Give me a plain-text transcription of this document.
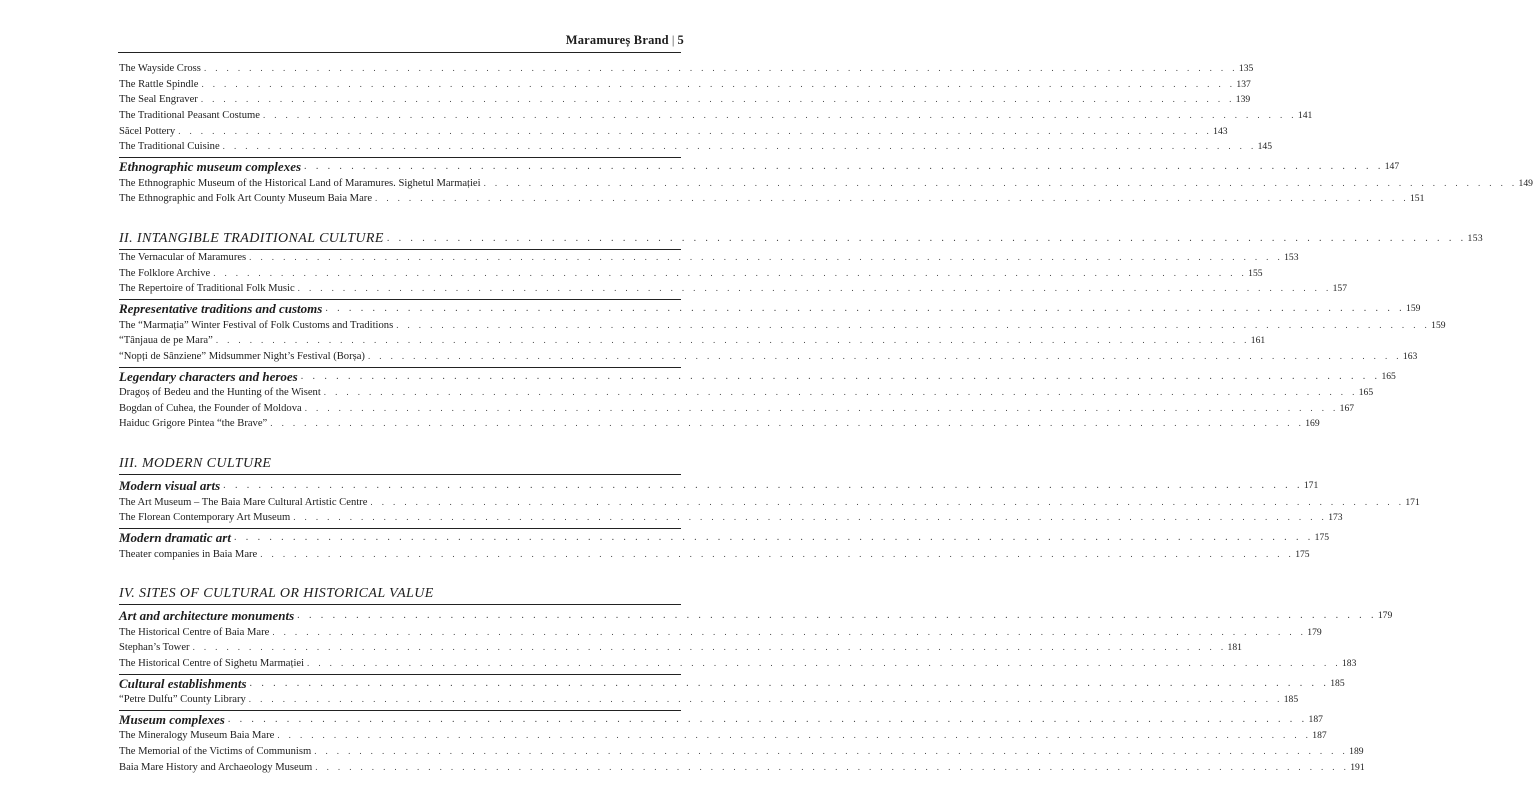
Maramureș Brand | 5
The Wayside Cross . . . . . . . . . . . . . . . . . . . . . . . . . . . . . . . . . . . . . . . . . . . . . . . . . . . . . . . . . . . . . . . . . . . . . . . . . . . . . . . . . . . . . . . . . . . . 135
The Rattle Spindle . . . . . . . . . . . . . . . . . . . . . . . . . . . . . . . . . . . . . . . . . . . . . . . . . . . . . . . . . . . . . . . . . . . . . . . . . . . . . . . . . . . . . . . . . . . . 137
The Seal Engraver . . . . . . . . . . . . . . . . . . . . . . . . . . . . . . . . . . . . . . . . . . . . . . . . . . . . . . . . . . . . . . . . . . . . . . . . . . . . . . . . . . . . . . . . . . . . 139
The Traditional Peasant Costume . . . . . . . . . . . . . . . . . . . . . . . . . . . . . . . . . . . . . . . . . . . . . . . . . . . . . . . . . . . . . . . . . . . . . . . . . . . . . . . . . . . . . . . . . . . . 141
Săcel Pottery . . . . . . . . . . . . . . . . . . . . . . . . . . . . . . . . . . . . . . . . . . . . . . . . . . . . . . . . . . . . . . . . . . . . . . . . . . . . . . . . . . . . . . . . . . . . 143
The Traditional Cuisine . . . . . . . . . . . . . . . . . . . . . . . . . . . . . . . . . . . . . . . . . . . . . . . . . . . . . . . . . . . . . . . . . . . . . . . . . . . . . . . . . . . . . . . . . . . . 145
Ethnographic museum complexes . . . . . . . . . . . . . . . . . . . . . . . . . . . . . . . . . . . . . . . . . . . . . . . . . . . . . . . . . . . . . . . . . . . . . . . . . . . . . . . . . . . . . . . . . . . . 147
The Ethnographic Museum of the Historical Land of Maramures. Sighetul Marmației . . . . . . . . . . . . . . . . . . . . . . . . . . . . . . . . . . . . . . . . . . . . . . . . . . . . . . . . . . . . . . . . . . . . . . . . . . . . . . . . . . . . . . . . . . . . 149
The Ethnographic and Folk Art County Museum Baia Mare . . . . . . . . . . . . . . . . . . . . . . . . . . . . . . . . . . . . . . . . . . . . . . . . . . . . . . . . . . . . . . . . . . . . . . . . . . . . . . . . . . . . . . . . . . . . 151
II. INTANGIBLE TRADITIONAL CULTURE . . . . . . . . . . . . . . . . . . . . . . . . . . . . . . . . . . . . . . . . . . . . . . . . . . . . . . . . . . . . . . . . . . . . . . . . . . . . . . . . . . . . . . . . . . . . 153
The Vernacular of Maramures . . . . . . . . . . . . . . . . . . . . . . . . . . . . . . . . . . . . . . . . . . . . . . . . . . . . . . . . . . . . . . . . . . . . . . . . . . . . . . . . . . . . . . . . . . . . 153
The Folklore Archive . . . . . . . . . . . . . . . . . . . . . . . . . . . . . . . . . . . . . . . . . . . . . . . . . . . . . . . . . . . . . . . . . . . . . . . . . . . . . . . . . . . . . . . . . . . . 155
The Repertoire of Traditional Folk Music . . . . . . . . . . . . . . . . . . . . . . . . . . . . . . . . . . . . . . . . . . . . . . . . . . . . . . . . . . . . . . . . . . . . . . . . . . . . . . . . . . . . . . . . . . . . 157
Representative traditions and customs . . . . . . . . . . . . . . . . . . . . . . . . . . . . . . . . . . . . . . . . . . . . . . . . . . . . . . . . . . . . . . . . . . . . . . . . . . . . . . . . . . . . . . . . . . . . 159
The “Marmația” Winter Festival of Folk Customs and Traditions . . . . . . . . . . . . . . . . . . . . . . . . . . . . . . . . . . . . . . . . . . . . . . . . . . . . . . . . . . . . . . . . . . . . . . . . . . . . . . . . . . . . . . . . . . . . 159
“Tânjaua de pe Mara” . . . . . . . . . . . . . . . . . . . . . . . . . . . . . . . . . . . . . . . . . . . . . . . . . . . . . . . . . . . . . . . . . . . . . . . . . . . . . . . . . . . . . . . . . . . . 161
“Nopți de Sânziene” Midsummer Night’s Festival (Borșa) . . . . . . . . . . . . . . . . . . . . . . . . . . . . . . . . . . . . . . . . . . . . . . . . . . . . . . . . . . . . . . . . . . . . . . . . . . . . . . . . . . . . . . . . . . . . 163
Legendary characters and heroes . . . . . . . . . . . . . . . . . . . . . . . . . . . . . . . . . . . . . . . . . . . . . . . . . . . . . . . . . . . . . . . . . . . . . . . . . . . . . . . . . . . . . . . . . . . . 165
Dragoș of Bedeu and the Hunting of the Wisent . . . . . . . . . . . . . . . . . . . . . . . . . . . . . . . . . . . . . . . . . . . . . . . . . . . . . . . . . . . . . . . . . . . . . . . . . . . . . . . . . . . . . . . . . . . . 165
Bogdan of Cuhea, the Founder of Moldova . . . . . . . . . . . . . . . . . . . . . . . . . . . . . . . . . . . . . . . . . . . . . . . . . . . . . . . . . . . . . . . . . . . . . . . . . . . . . . . . . . . . . . . . . . . . 167
Haiduc Grigore Pintea “the Brave” . . . . . . . . . . . . . . . . . . . . . . . . . . . . . . . . . . . . . . . . . . . . . . . . . . . . . . . . . . . . . . . . . . . . . . . . . . . . . . . . . . . . . . . . . . . . 169
III. MODERN CULTURE
Modern visual arts . . . . . . . . . . . . . . . . . . . . . . . . . . . . . . . . . . . . . . . . . . . . . . . . . . . . . . . . . . . . . . . . . . . . . . . . . . . . . . . . . . . . . . . . . . . . 171
The Art Museum – The Baia Mare Cultural Artistic Centre . . . . . . . . . . . . . . . . . . . . . . . . . . . . . . . . . . . . . . . . . . . . . . . . . . . . . . . . . . . . . . . . . . . . . . . . . . . . . . . . . . . . . . . . . . . . 171
The Florean Contemporary Art Museum . . . . . . . . . . . . . . . . . . . . . . . . . . . . . . . . . . . . . . . . . . . . . . . . . . . . . . . . . . . . . . . . . . . . . . . . . . . . . . . . . . . . . . . . . . . . 173
Modern dramatic art . . . . . . . . . . . . . . . . . . . . . . . . . . . . . . . . . . . . . . . . . . . . . . . . . . . . . . . . . . . . . . . . . . . . . . . . . . . . . . . . . . . . . . . . . . . . 175
Theater companies in Baia Mare . . . . . . . . . . . . . . . . . . . . . . . . . . . . . . . . . . . . . . . . . . . . . . . . . . . . . . . . . . . . . . . . . . . . . . . . . . . . . . . . . . . . . . . . . . . . 175
IV. SITES OF CULTURAL OR HISTORICAL VALUE
Art and architecture monuments . . . . . . . . . . . . . . . . . . . . . . . . . . . . . . . . . . . . . . . . . . . . . . . . . . . . . . . . . . . . . . . . . . . . . . . . . . . . . . . . . . . . . . . . . . . . 179
The Historical Centre of Baia Mare . . . . . . . . . . . . . . . . . . . . . . . . . . . . . . . . . . . . . . . . . . . . . . . . . . . . . . . . . . . . . . . . . . . . . . . . . . . . . . . . . . . . . . . . . . . . 179
Stephan’s Tower . . . . . . . . . . . . . . . . . . . . . . . . . . . . . . . . . . . . . . . . . . . . . . . . . . . . . . . . . . . . . . . . . . . . . . . . . . . . . . . . . . . . . . . . . . . . 181
The Historical Centre of Sighetu Marmației . . . . . . . . . . . . . . . . . . . . . . . . . . . . . . . . . . . . . . . . . . . . . . . . . . . . . . . . . . . . . . . . . . . . . . . . . . . . . . . . . . . . . . . . . . . . 183
Cultural establishments . . . . . . . . . . . . . . . . . . . . . . . . . . . . . . . . . . . . . . . . . . . . . . . . . . . . . . . . . . . . . . . . . . . . . . . . . . . . . . . . . . . . . . . . . . . . 185
“Petre Dulfu” County Library . . . . . . . . . . . . . . . . . . . . . . . . . . . . . . . . . . . . . . . . . . . . . . . . . . . . . . . . . . . . . . . . . . . . . . . . . . . . . . . . . . . . . . . . . . . . 185
Museum complexes . . . . . . . . . . . . . . . . . . . . . . . . . . . . . . . . . . . . . . . . . . . . . . . . . . . . . . . . . . . . . . . . . . . . . . . . . . . . . . . . . . . . . . . . . . . . 187
The Mineralogy Museum Baia Mare . . . . . . . . . . . . . . . . . . . . . . . . . . . . . . . . . . . . . . . . . . . . . . . . . . . . . . . . . . . . . . . . . . . . . . . . . . . . . . . . . . . . . . . . . . . . 187
The Memorial of the Victims of Communism . . . . . . . . . . . . . . . . . . . . . . . . . . . . . . . . . . . . . . . . . . . . . . . . . . . . . . . . . . . . . . . . . . . . . . . . . . . . . . . . . . . . . . . . . . . . 189
Baia Mare History and Archaeology Museum . . . . . . . . . . . . . . . . . . . . . . . . . . . . . . . . . . . . . . . . . . . . . . . . . . . . . . . . . . . . . . . . . . . . . . . . . . . . . . . . . . . . . . . . . . . . 191
